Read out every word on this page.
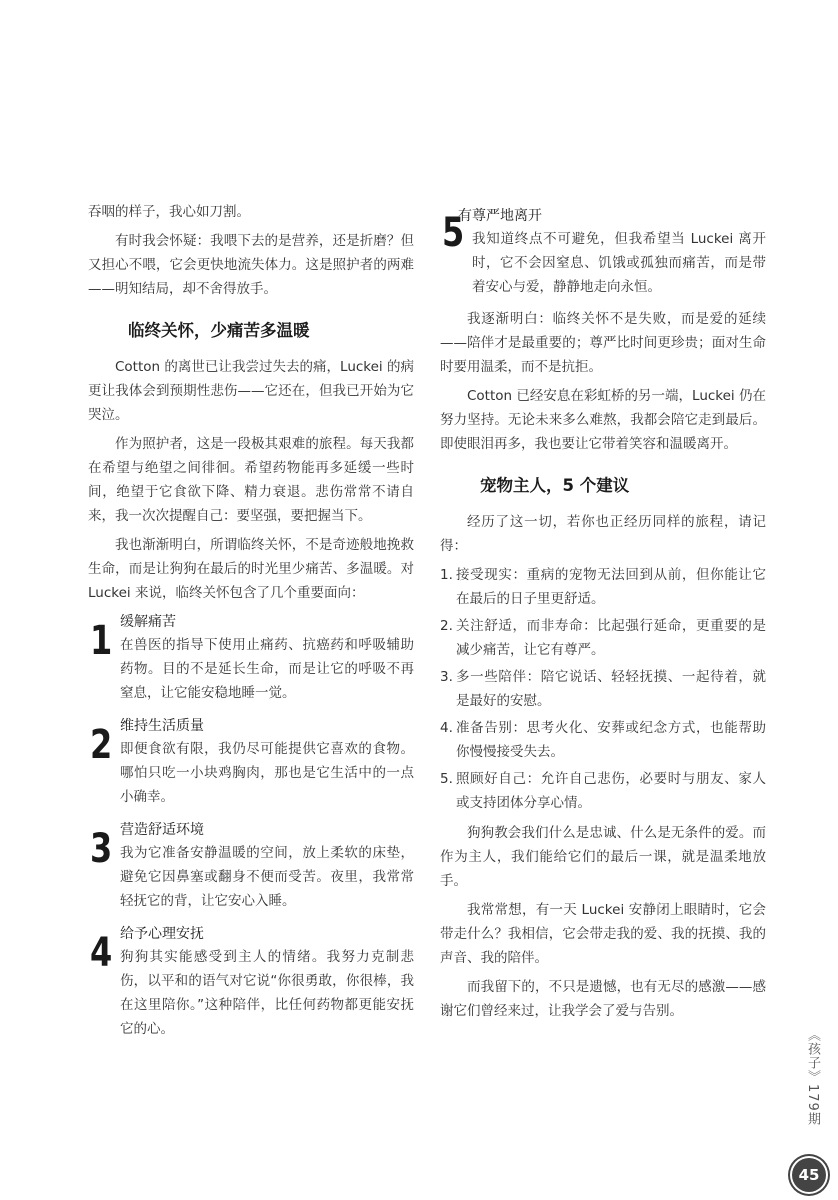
吞咽的样子，我心如刀割。

有时我会怀疑：我喂下去的是营养，还是折磨？但又担心不喂，它会更快地流失体力。这是照护者的两难——明知结局，却不舍得放手。

临终关怀，少痛苦多温暖

Cotton 的离世已让我尝过失去的痛，Luckei 的病更让我体会到预期性悲伤——它还在，但我已开始为它哭泣。

作为照护者，这是一段极其艰难的旅程。每天我都在希望与绝望之间徘徊。希望药物能再多延缓一些时间，绝望于它食欲下降、精力衰退。悲伤常常不请自来，我一次次提醒自己：要坚强，要把握当下。

我也渐渐明白，所谓临终关怀，不是奇迹般地挽救生命，而是让狗狗在最后的时光里少痛苦、多温暖。对 Luckei 来说，临终关怀包含了几个重要面向：

1 缓解痛苦
在兽医的指导下使用止痛药、抗癌药和呼吸辅助药物。目的不是延长生命，而是让它的呼吸不再窒息，让它能安稳地睡一觉。
2 维持生活质量
即便食欲有限，我仍尽可能提供它喜欢的食物。哪怕只吃一小块鸡胸肉，那也是它生活中的一点小确幸。
3 营造舒适环境
我为它准备安静温暖的空间，放上柔软的床垫，避免它因鼻塞或翻身不便而受苦。夜里，我常常轻抚它的背，让它安心入睡。
4 给予心理安抚
狗狗其实能感受到主人的情绪。我努力克制悲伤，以平和的语气对它说“你很勇敢，你很棒，我在这里陪你。”这种陪伴，比任何药物都更能安抚它的心。
5
有尊严地离开
我知道终点不可避免，但我希望当 Luckei 离开时，它不会因窒息、饥饿或孤独而痛苦，而是带着安心与爱，静静地走向永恒。

我逐渐明白：临终关怀不是失败，而是爱的延续——陪伴才是最重要的；尊严比时间更珍贵；面对生命时要用温柔，而不是抗拒。

Cotton 已经安息在彩虹桥的另一端，Luckei 仍在努力坚持。无论未来多么难熬，我都会陪它走到最后。即使眼泪再多，我也要让它带着笑容和温暖离开。

宠物主人，5 个建议

经历了这一切，若你也正经历同样的旅程，请记得：

1. 接受现实：重病的宠物无法回到从前，但你能让它在最后的日子里更舒适。
2. 关注舒适，而非寿命：比起强行延命，更重要的是减少痛苦，让它有尊严。
3. 多一些陪伴：陪它说话、轻轻抚摸、一起待着，就是最好的安慰。
4. 准备告别：思考火化、安葬或纪念方式，也能帮助你慢慢接受失去。
5. 照顾好自己：允许自己悲伤，必要时与朋友、家人或支持团体分享心情。

狗狗教会我们什么是忠诚、什么是无条件的爱。而作为主人，我们能给它们的最后一课，就是温柔地放手。

我常常想，有一天 Luckei 安静闭上眼睛时，它会带走什么？我相信，它会带走我的爱、我的抚摸、我的声音、我的陪伴。

而我留下的，不只是遗憾，也有无尽的感激——感谢它们曾经来过，让我学会了爱与告别。

《孩子》179期
45
